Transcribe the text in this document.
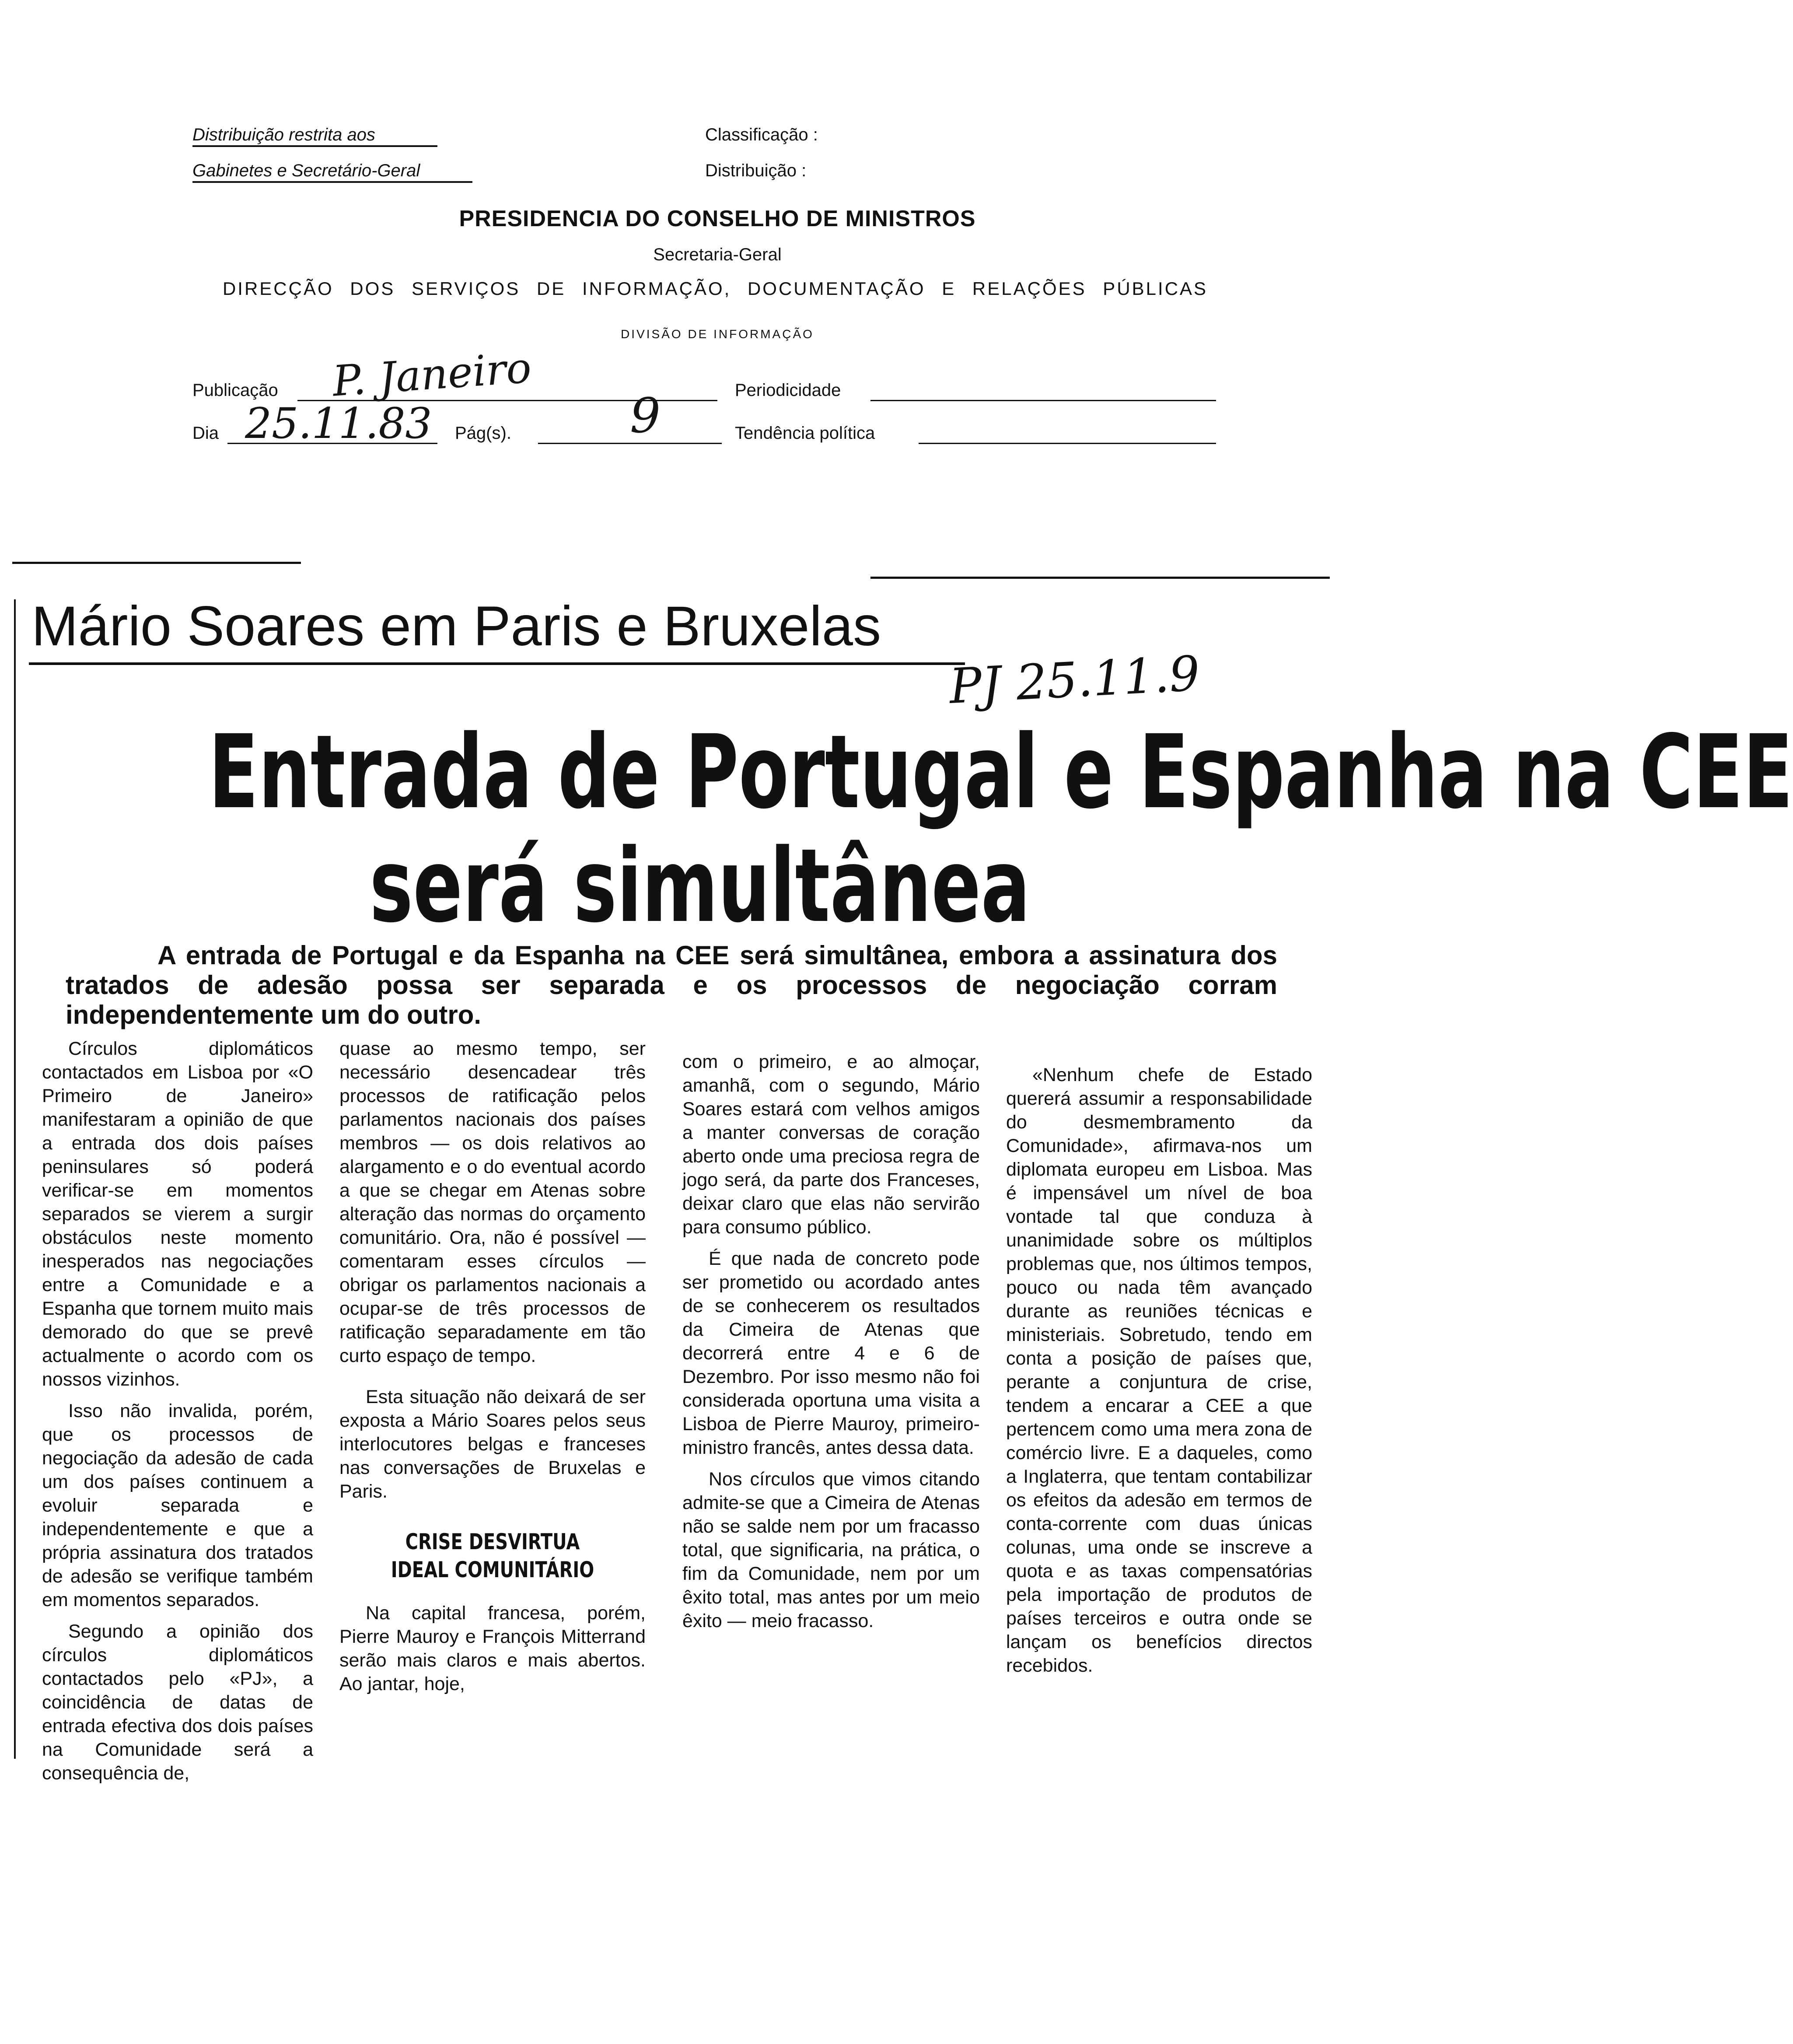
Distribuição restrita aos
Gabinetes e Secretário-Geral
Classificação :
Distribuição :
PRESIDENCIA DO CONSELHO DE MINISTROS
Secretaria-Geral
DIRECÇÃO DOS SERVIÇOS DE INFORMAÇÃO, DOCUMENTAÇÃO E RELAÇÕES PÚBLICAS
DIVISÃO DE INFORMAÇÃO
Publicação P. Janeiro	Periodicidade
Dia 25.11.83 Pág(s). 9	Tendência política
Mário Soares em Paris e Bruxelas
PJ 25.11.9
Entrada de Portugal e Espanha na CEE
será simultânea
A entrada de Portugal e da Espanha na CEE será simultânea, embora a assinatura dos tratados de adesão possa ser separada e os processos de negociação corram independentemente um do outro.

Círculos diplomáticos contactados em Lisboa por «O Primeiro de Janeiro» manifestaram a opinião de que a entrada dos dois países peninsulares só poderá verificar-se em momentos separados se vierem a surgir obstáculos neste momento inesperados nas negociações entre a Comunidade e a Espanha que tornem muito mais demorado do que se prevê actualmente o acordo com os nossos vizinhos.

Isso não invalida, porém, que os processos de negociação da adesão de cada um dos países continuem a evoluir separada e independentemente e que a própria assinatura dos tratados de adesão se verifique também em momentos separados.

Segundo a opinião dos círculos diplomáticos contactados pelo «PJ», a coincidência de datas de entrada efectiva dos dois países na Comunidade será a consequência de,

quase ao mesmo tempo, ser necessário desencadear três processos de ratificação pelos parlamentos nacionais dos países membros — os dois relativos ao alargamento e o do eventual acordo a que se chegar em Atenas sobre alteração das normas do orçamento comunitário. Ora, não é possível — comentaram esses círculos — obrigar os parlamentos nacionais a ocupar-se de três processos de ratificação separadamente em tão curto espaço de tempo.

Esta situação não deixará de ser exposta a Mário Soares pelos seus interlocutores belgas e franceses nas conversações de Bruxelas e Paris.

CRISE DESVIRTUA
IDEAL COMUNITÁRIO

Na capital francesa, porém, Pierre Mauroy e François Mitterrand serão mais claros e mais abertos. Ao jantar, hoje,

com o primeiro, e ao almoçar, amanhã, com o segundo, Mário Soares estará com velhos amigos a manter conversas de coração aberto onde uma preciosa regra de jogo será, da parte dos Franceses, deixar claro que elas não servirão para consumo público.

É que nada de concreto pode ser prometido ou acordado antes de se conhecerem os resultados da Cimeira de Atenas que decorrerá entre 4 e 6 de Dezembro. Por isso mesmo não foi considerada oportuna uma visita a Lisboa de Pierre Mauroy, primeiro-ministro francês, antes dessa data.

Nos círculos que vimos citando admite-se que a Cimeira de Atenas não se salde nem por um fracasso total, que significaria, na prática, o fim da Comunidade, nem por um êxito total, mas antes por um meio êxito — meio fracasso.

«Nenhum chefe de Estado quererá assumir a responsabilidade do desmembramento da Comunidade», afirmava-nos um diplomata europeu em Lisboa. Mas é impensável um nível de boa vontade tal que conduza à unanimidade sobre os múltiplos problemas que, nos últimos tempos, pouco ou nada têm avançado durante as reuniões técnicas e ministeriais. Sobretudo, tendo em conta a posição de países que, perante a conjuntura de crise, tendem a encarar a CEE a que pertencem como uma mera zona de comércio livre. E a daqueles, como a Inglaterra, que tentam contabilizar os efeitos da adesão em termos de conta-corrente com duas únicas colunas, uma onde se inscreve a quota e as taxas compensatórias pela importação de produtos de países terceiros e outra onde se lançam os benefícios directos recebidos.
